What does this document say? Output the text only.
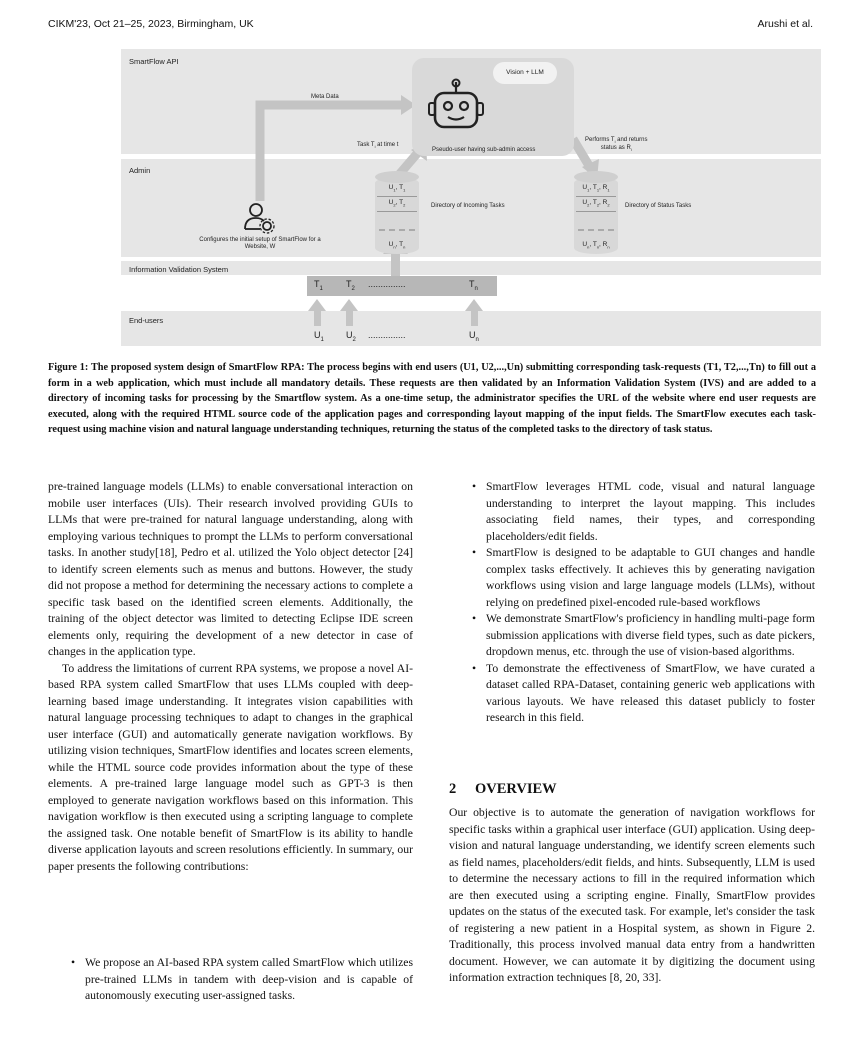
CIKM'23, Oct 21–25, 2023, Birmingham, UK	Arushi et al.
SmartFlow API
Admin
Information Validation System
End-users
Vision + LLM
Meta Data
Task $T_i$ at time t
Pseudo-user having sub-admin access
Performs $T_i$ and returns
status as $R_i$
Configures the initial setup of SmartFlow for a Website, W
$U_1$, $T_1$
$U_2$, $T_2$
$U_n$, $T_n$
Directory of Incoming Tasks
$U_1$, $T_1$, $R_1$
$U_2$, $T_2$, $R_2$
$U_n$, $T_n$, $R_n$
Directory of Status Tasks
$T_1$	$T_2$ ...............	$T_n$
$U_1$ $U_2$ ...............	$U_n$
Figure 1: The proposed system design of SmartFlow RPA: The process begins with end users (U1, U2,...,Un) submitting corresponding task-requests (T1, T2,...,Tn) to fill out a form in a web application, which must include all mandatory details. These requests are then validated by an Information Validation System (IVS) and are added to a directory of incoming tasks for processing by the Smartflow system. As a one-time setup, the administrator specifies the URL of the website where end user requests are executed, along with the required HTML source code of the application pages and corresponding layout mapping of the input fields. The SmartFlow executes each task-request using machine vision and natural language understanding techniques, returning the status of the completed tasks to the directory of task status.

pre-trained language models (LLMs) to enable conversational interaction on mobile user interfaces (UIs). Their research involved providing GUIs to LLMs that were pre-trained for natural language understanding, along with employing various techniques to prompt the LLMs to perform conversational tasks. In another study[18], Pedro et al. utilized the Yolo object detector [24] to identify screen elements such as menus and buttons. However, the study did not propose a method for determining the necessary actions to complete a specific task based on the identified screen elements. Additionally, the training of the object detector was limited to detecting Eclipse IDE screen elements only, requiring the development of a new detector in case of changes in the application type.

To address the limitations of current RPA systems, we propose a novel AI-based RPA system called SmartFlow that uses LLMs coupled with deep-learning based image understanding. It integrates vision capabilities with natural language processing techniques to adapt to changes in the graphical user interface (GUI) and automatically generate navigation workflows. By utilizing vision techniques, SmartFlow identifies and locates screen elements, while the HTML source code provides information about the type of these elements. A pre-trained large language model such as GPT-3 is then employed to generate navigation workflows based on this information. This navigation workflow is then executed using a scripting language to complete the assigned task. One notable benefit of SmartFlow is its ability to handle diverse application layouts and screen resolutions efficiently. In summary, our paper presents the following contributions:

• We propose an AI-based RPA system called SmartFlow which utilizes pre-trained LLMs in tandem with deep-vision and is capable of autonomously executing user-assigned tasks.
• SmartFlow leverages HTML code, visual and natural language understanding to interpret the layout mapping. This includes associating field names, their types, and corresponding placeholders/edit fields.
• SmartFlow is designed to be adaptable to GUI changes and handle complex tasks effectively. It achieves this by generating navigation workflows using vision and large language models (LLMs), without relying on predefined pixel-encoded rule-based workflows
• We demonstrate SmartFlow's proficiency in handling multi-page form submission applications with diverse field types, such as date pickers, dropdown menus, etc. through the use of vision-based algorithms.
• To demonstrate the effectiveness of SmartFlow, we have curated a dataset called RPA-Dataset, containing generic web applications with various layouts. We have released this dataset publicly to foster research in this field.
2 OVERVIEW

Our objective is to automate the generation of navigation workflows for specific tasks within a graphical user interface (GUI) application. Using deep-vision and natural language understanding, we identify screen elements such as field names, placeholders/edit fields, and hints. Subsequently, LLM is used to determine the necessary actions to fill in the required information which are then executed using a scripting engine. Finally, SmartFlow provides updates on the status of the executed task. For example, let's consider the task of registering a new patient in a Hospital system, as shown in Figure 2. Traditionally, this process involved manual data entry from a handwritten document. However, we can automate it by digitizing the document using information extraction techniques [8, 20, 33].
